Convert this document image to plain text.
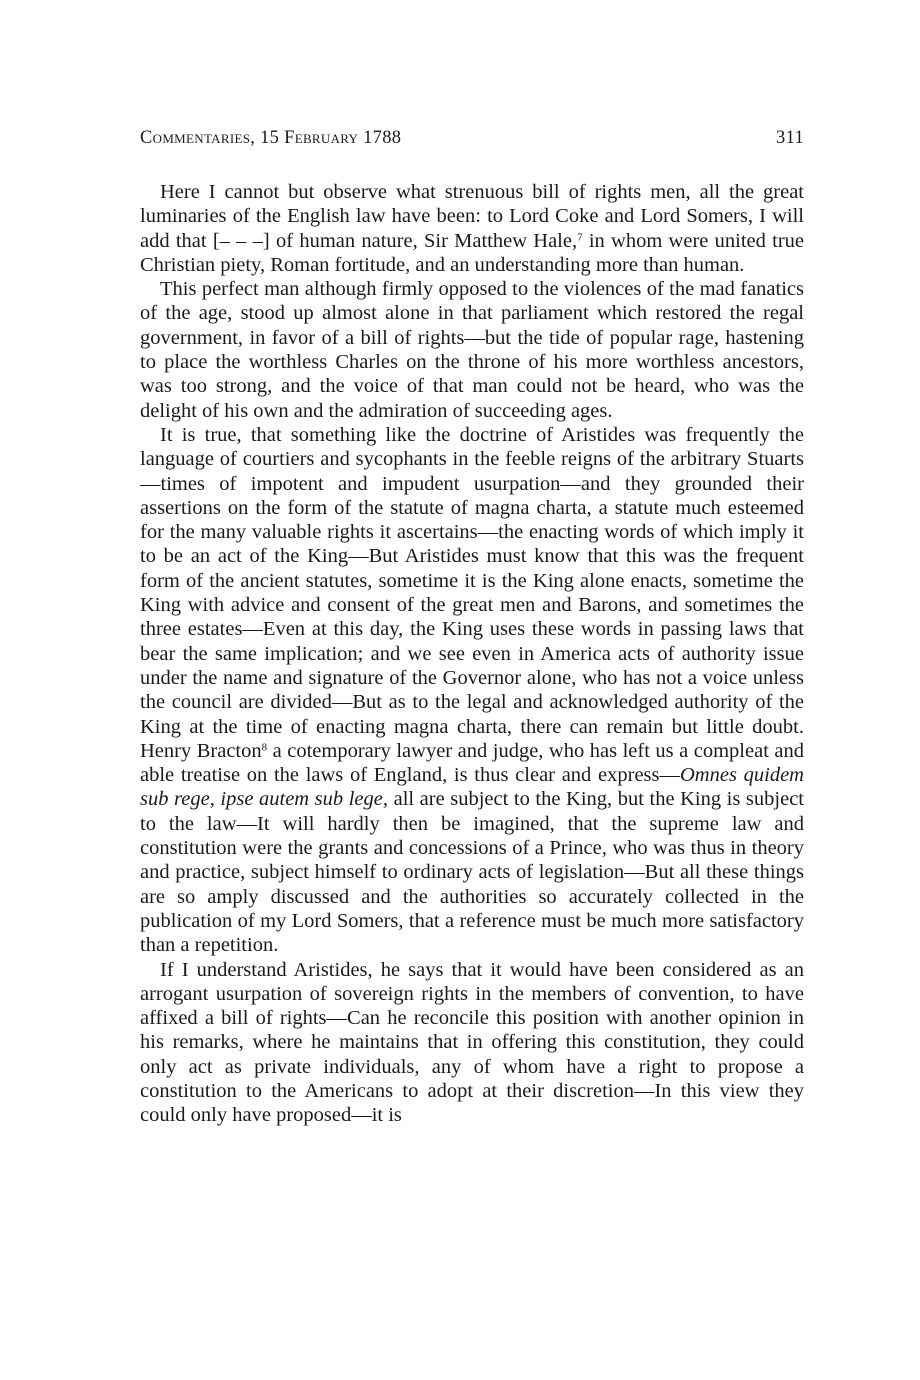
Commentaries, 15 February 1788	311

Here I cannot but observe what strenuous bill of rights men, all the great luminaries of the English law have been: to Lord Coke and Lord Somers, I will add that [– – –] of human nature, Sir Matthew Hale,$^7$ in whom were united true Christian piety, Roman fortitude, and an understanding more than human.

This perfect man although firmly opposed to the violences of the mad fanatics of the age, stood up almost alone in that parliament which restored the regal government, in favor of a bill of rights—but the tide of popular rage, hastening to place the worthless Charles on the throne of his more worthless ancestors, was too strong, and the voice of that man could not be heard, who was the delight of his own and the admiration of succeeding ages.

It is true, that something like the doctrine of Aristides was frequently the language of courtiers and sycophants in the feeble reigns of the arbitrary Stuarts—times of impotent and impudent usurpation—and they grounded their assertions on the form of the statute of magna charta, a statute much esteemed for the many valuable rights it ascertains—the enacting words of which imply it to be an act of the King—But Aristides must know that this was the frequent form of the ancient statutes, sometime it is the King alone enacts, sometime the King with advice and consent of the great men and Barons, and sometimes the three estates—Even at this day, the King uses these words in passing laws that bear the same implication; and we see even in America acts of authority issue under the name and signature of the Governor alone, who has not a voice unless the council are divided—But as to the legal and acknowledged authority of the King at the time of enacting magna charta, there can remain but little doubt. Henry Bracton$^8$ a cotemporary lawyer and judge, who has left us a compleat and able treatise on the laws of England, is thus clear and express—Omnes quidem sub rege, ipse autem sub lege, all are subject to the King, but the King is subject to the law—It will hardly then be imagined, that the supreme law and constitution were the grants and concessions of a Prince, who was thus in theory and practice, subject himself to ordinary acts of legislation—But all these things are so amply discussed and the authorities so accurately collected in the publication of my Lord Somers, that a reference must be much more satisfactory than a repetition.

If I understand Aristides, he says that it would have been considered as an arrogant usurpation of sovereign rights in the members of convention, to have affixed a bill of rights—Can he reconcile this position with another opinion in his remarks, where he maintains that in offering this constitution, they could only act as private individuals, any of whom have a right to propose a constitution to the Americans to adopt at their discretion—In this view they could only have proposed—it is
